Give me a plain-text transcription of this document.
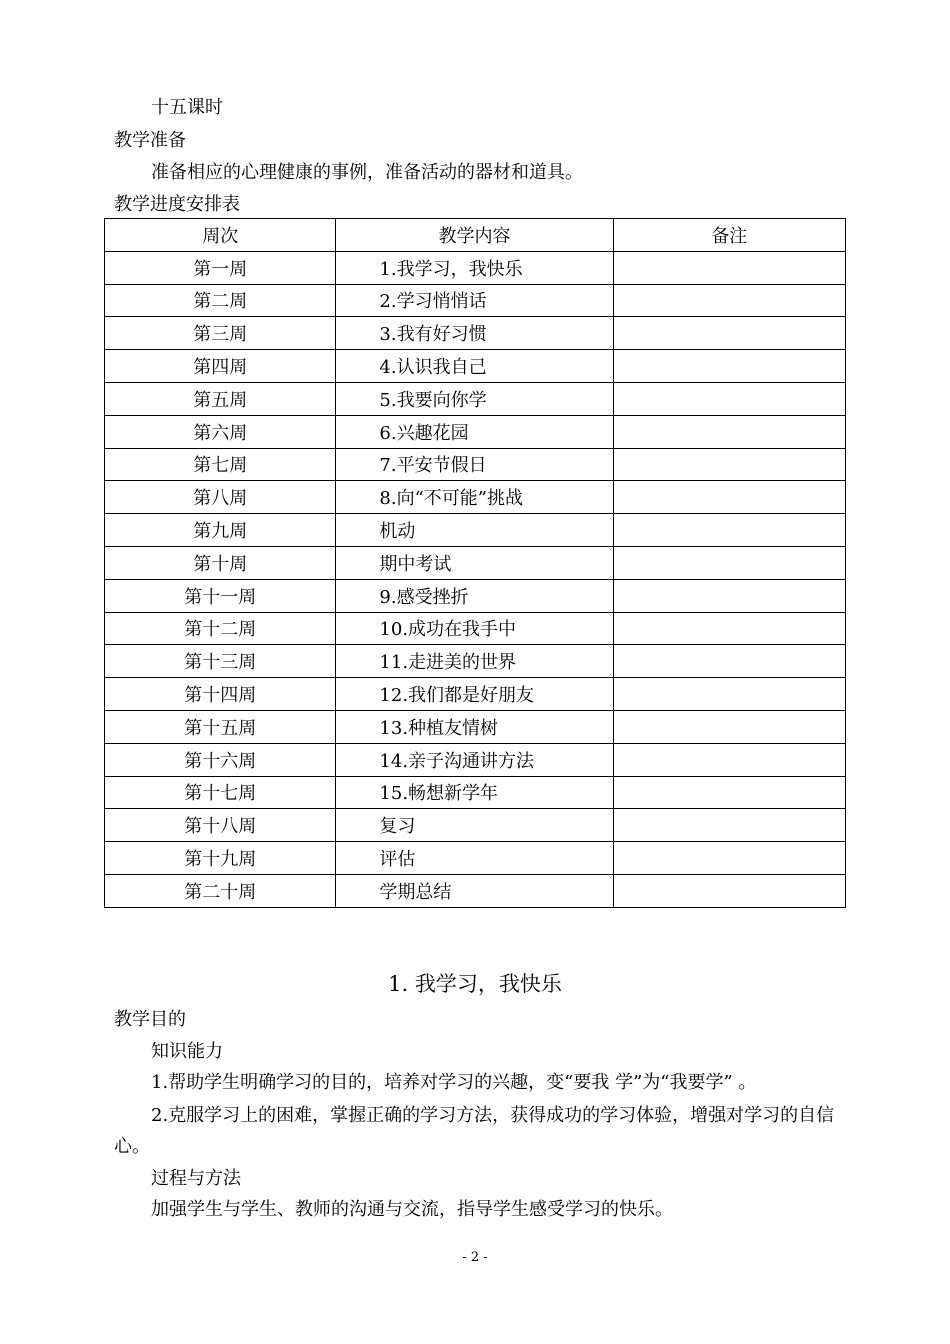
十五课时
教学准备
准备相应的心理健康的事例，准备活动的器材和道具。
教学进度安排表
周次	教学内容	备注
第一周	1.我学习，我快乐	
第二周	2.学习悄悄话	
第三周	3.我有好习惯	
第四周	4.认识我自己	
第五周	5.我要向你学	
第六周	6.兴趣花园	
第七周	7.平安节假日	
第八周	8.向“不可能”挑战	
第九周	机动	
第十周	期中考试	
第十一周	9.感受挫折	
第十二周	10.成功在我手中	
第十三周	11.走进美的世界	
第十四周	12.我们都是好朋友	
第十五周	13.种植友情树	
第十六周	14.亲子沟通讲方法	
第十七周	15.畅想新学年	
第十八周	复习	
第十九周	评估	
第二十周	学期总结	
1. 我学习，我快乐
教学目的
知识能力
1.帮助学生明确学习的目的，培养对学习的兴趣，变“要我 学”为“我要学” 。
2.克服学习上的困难，掌握正确的学习方法，获得成功的学习体验，增强对学习的自信心。
过程与方法
加强学生与学生、教师的沟通与交流，指导学生感受学习的快乐。
- 2 -
